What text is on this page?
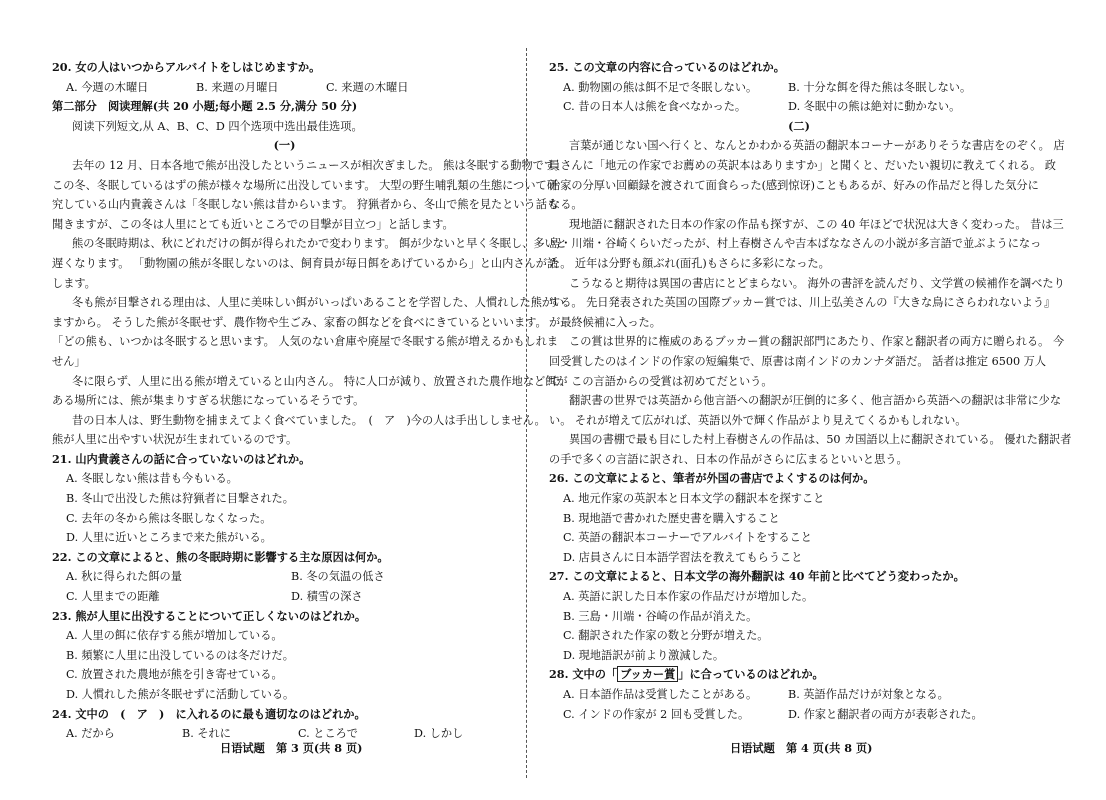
20. 女の人はいつからアルバイトをしはじめますか。
A. 今週の木曜日	B. 来週の月曜日	C. 来週の木曜日
第二部分　阅读理解(共 20 小题;每小题 2.5 分,满分 50 分)
阅读下列短文,从 A、B、C、D 四个选项中选出最佳选项。
(一)
去年の 12 月、日本各地で熊が出没したというニュースが相次ぎました。 熊は冬眠する動物です。
この冬、冬眠しているはずの熊が様々な場所に出没しています。 大型の野生哺乳類の生態について研
究している山内貴義さんは「冬眠しない熊は昔からいます。 狩猟者から、冬山で熊を見たという話も
聞きますが、この冬は人里にとても近いところでの目撃が目立つ」と話します。
熊の冬眠時期は、秋にどれだけの餌が得られたかで変わります。 餌が少ないと早く冬眠し、多いと
遅くなります。 「動物園の熊が冬眠しないのは、飼育員が毎日餌をあげているから」と山内さんが話
します。
冬も熊が目撃される理由は、人里に美味しい餌がいっぱいあることを学習した、人慣れした熊がい
ますから。 そうした熊が冬眠せず、農作物や生ごみ、家畜の餌などを食べにきているといいます。
「どの熊も、いつかは冬眠すると思います。 人気のない倉庫や廃屋で冬眠する熊が増えるかもしれま
せん」
冬に限らず、人里に出る熊が増えていると山内さん。 特に人口が減り、放置された農作地など餌が
ある場所には、熊が集まりすぎる状態になっているそうです。
昔の日本人は、野生動物を捕まえてよく食べていました。　(　ア　)今の人は手出ししません。
熊が人里に出やすい状況が生まれているのです。
21. 山内貴義さんの話に合っていないのはどれか。
A. 冬眠しない熊は昔も今もいる。
B. 冬山で出没した熊は狩猟者に目撃された。
C. 去年の冬から熊は冬眠しなくなった。
D. 人里に近いところまで来た熊がいる。
22. この文章によると、熊の冬眠時期に影響する主な原因は何か。
A. 秋に得られた餌の量	B. 冬の気温の低さ
C. 人里までの距離	D. 積雪の深さ
23. 熊が人里に出没することについて正しくないのはどれか。
A. 人里の餌に依存する熊が増加している。
B. 頻繁に人里に出没しているのは冬だけだ。
C. 放置された農地が熊を引き寄せている。
D. 人慣れした熊が冬眠せずに活動している。
24. 文中の　(　ア　)　に入れるのに最も適切なのはどれか。
A. だから	B. それに	C. ところで	D. しかし
25. この文章の内容に合っているのはどれか。
A. 動物園の熊は餌不足で冬眠しない。	B. 十分な餌を得た熊は冬眠しない。
C. 昔の日本人は熊を食べなかった。	D. 冬眠中の熊は絶対に動かない。
(二)
言葉が通じない国へ行くと、なんとかわかる英語の翻訳本コーナーがありそうな書店をのぞく。 店
員さんに「地元の作家でお薦めの英訳本はありますか」と聞くと、だいたい親切に教えてくれる。 政
治家の分厚い回顧録を渡されて面食らった(感到惊讶)こともあるが、好みの作品だと得した気分に
なる。
現地語に翻訳された日本の作家の作品も探すが、この 40 年ほどで状況は大きく変わった。 昔は三
島・川端・谷崎くらいだったが、村上春樹さんや吉本ばななさんの小説が多言語で並ぶようになっ
た。 近年は分野も顔ぶれ(面孔)もさらに多彩になった。
こうなると期待は異国の書店にとどまらない。 海外の書評を読んだり、文学賞の候補作を調べたり
する。 先日発表された英国の国際ブッカー賞では、川上弘美さんの『大きな鳥にさらわれないよう』
が最終候補に入った。
この賞は世界的に権威のあるブッカー賞の翻訳部門にあたり、作家と翻訳者の両方に贈られる。 今
回受賞したのはインドの作家の短編集で、原書は南インドのカンナダ語だ。 話者は推定 6500 万人
で、この言語からの受賞は初めてだという。
翻訳書の世界では英語から他言語への翻訳が圧倒的に多く、他言語から英語への翻訳は非常に少な
い。 それが増えて広がれば、英語以外で輝く作品がより見えてくるかもしれない。
異国の書棚で最も目にした村上春樹さんの作品は、50 カ国語以上に翻訳されている。 優れた翻訳者
の手で多くの言語に訳され、日本の作品がさらに広まるといいと思う。
26. この文章によると、筆者が外国の書店でよくするのは何か。
A. 地元作家の英訳本と日本文学の翻訳本を探すこと
B. 現地語で書かれた歴史書を購入すること
C. 英語の翻訳本コーナーでアルバイトをすること
D. 店員さんに日本語学習法を教えてもらうこと
27. この文章によると、日本文学の海外翻訳は 40 年前と比べてどう変わったか。
A. 英語に訳した日本作家の作品だけが増加した。
B. 三島・川端・谷崎の作品が消えた。
C. 翻訳された作家の数と分野が増えた。
D. 現地語訳が前より激減した。
28. 文中の「 ブッカー賞 」に合っているのはどれか。
A. 日本語作品は受賞したことがある。	B. 英語作品だけが対象となる。
C. インドの作家が 2 回も受賞した。	D. 作家と翻訳者の両方が表彰された。
日语试题　第 3 页(共 8 页)	日语试题　第 4 页(共 8 页)
